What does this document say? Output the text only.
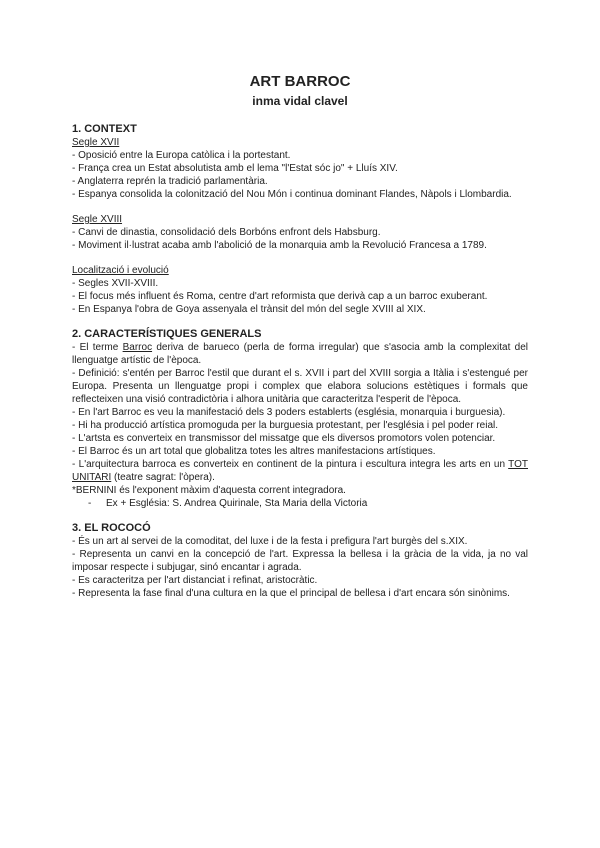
ART BARROC

inma vidal clavel

1. CONTEXT

Segle XVII

- Oposició entre la Europa catòlica i la portestant.

- França crea un Estat absolutista amb el lema "l'Estat sóc jo" + Lluís XIV.

- Anglaterra reprén la tradició parlamentària.

- Espanya consolida la colonització del Nou Món i continua dominant Flandes, Nàpols i Llombardia.

Segle XVIII

- Canvi de dinastia, consolidació dels Borbóns enfront dels Habsburg.

- Moviment il·lustrat acaba amb l'abolició de la monarquia amb la Revolució Francesa a 1789.

Localització i evolució

- Segles XVII-XVIII.

- El focus més influent és Roma, centre d'art reformista que derivà cap a un barroc exuberant.

- En Espanya l'obra de Goya assenyala el trànsit del món del segle XVIII al XIX.

2. CARACTERÍSTIQUES GENERALS

- El terme Barroc deriva de barueco (perla de forma irregular) que s'asocia amb la complexitat del llenguatge artístic de l'època.

- Definició: s'entén per Barroc l'estil que durant el s. XVII i part del XVIII sorgia a Itàlia i s'estengué per Europa. Presenta un llenguatge propi i complex que elabora solucions estètiques i formals que reflecteixen una visió contradictòria i alhora unitària que caracteritza l'esperit de l'època.

- En l'art Barroc es veu la manifestació dels 3 poders establerts (església, monarquia i burguesia).

- Hi ha producció artística promoguda per la burguesia protestant, per l'església i pel poder reial.

- L'artsta es converteix en transmissor del missatge que els diversos promotors volen potenciar.

- El Barroc és un art total que globalitza totes les altres manifestacions artístiques.

- L'arquitectura barroca es converteix en continent de la pintura i escultura integra les arts en un TOT UNITARI (teatre sagrat: l'òpera).

*BERNINI és l'exponent màxim d'aquesta corrent integradora.

-	Ex + Església: S. Andrea Quirinale, Sta Maria della Victoria

3. EL ROCOCÓ

- És un art al servei de la comoditat, del luxe i de la festa i prefigura l'art burgès del s.XIX.

- Representa un canvi en la concepció de l'art. Expressa la bellesa i la gràcia de la vida, ja no val imposar respecte i subjugar, sinó encantar i agrada.

- Es caracteritza per l'art distanciat i refinat, aristocràtic.

- Representa la fase final d'una cultura en la que el principal de bellesa i d'art encara són sinònims.
